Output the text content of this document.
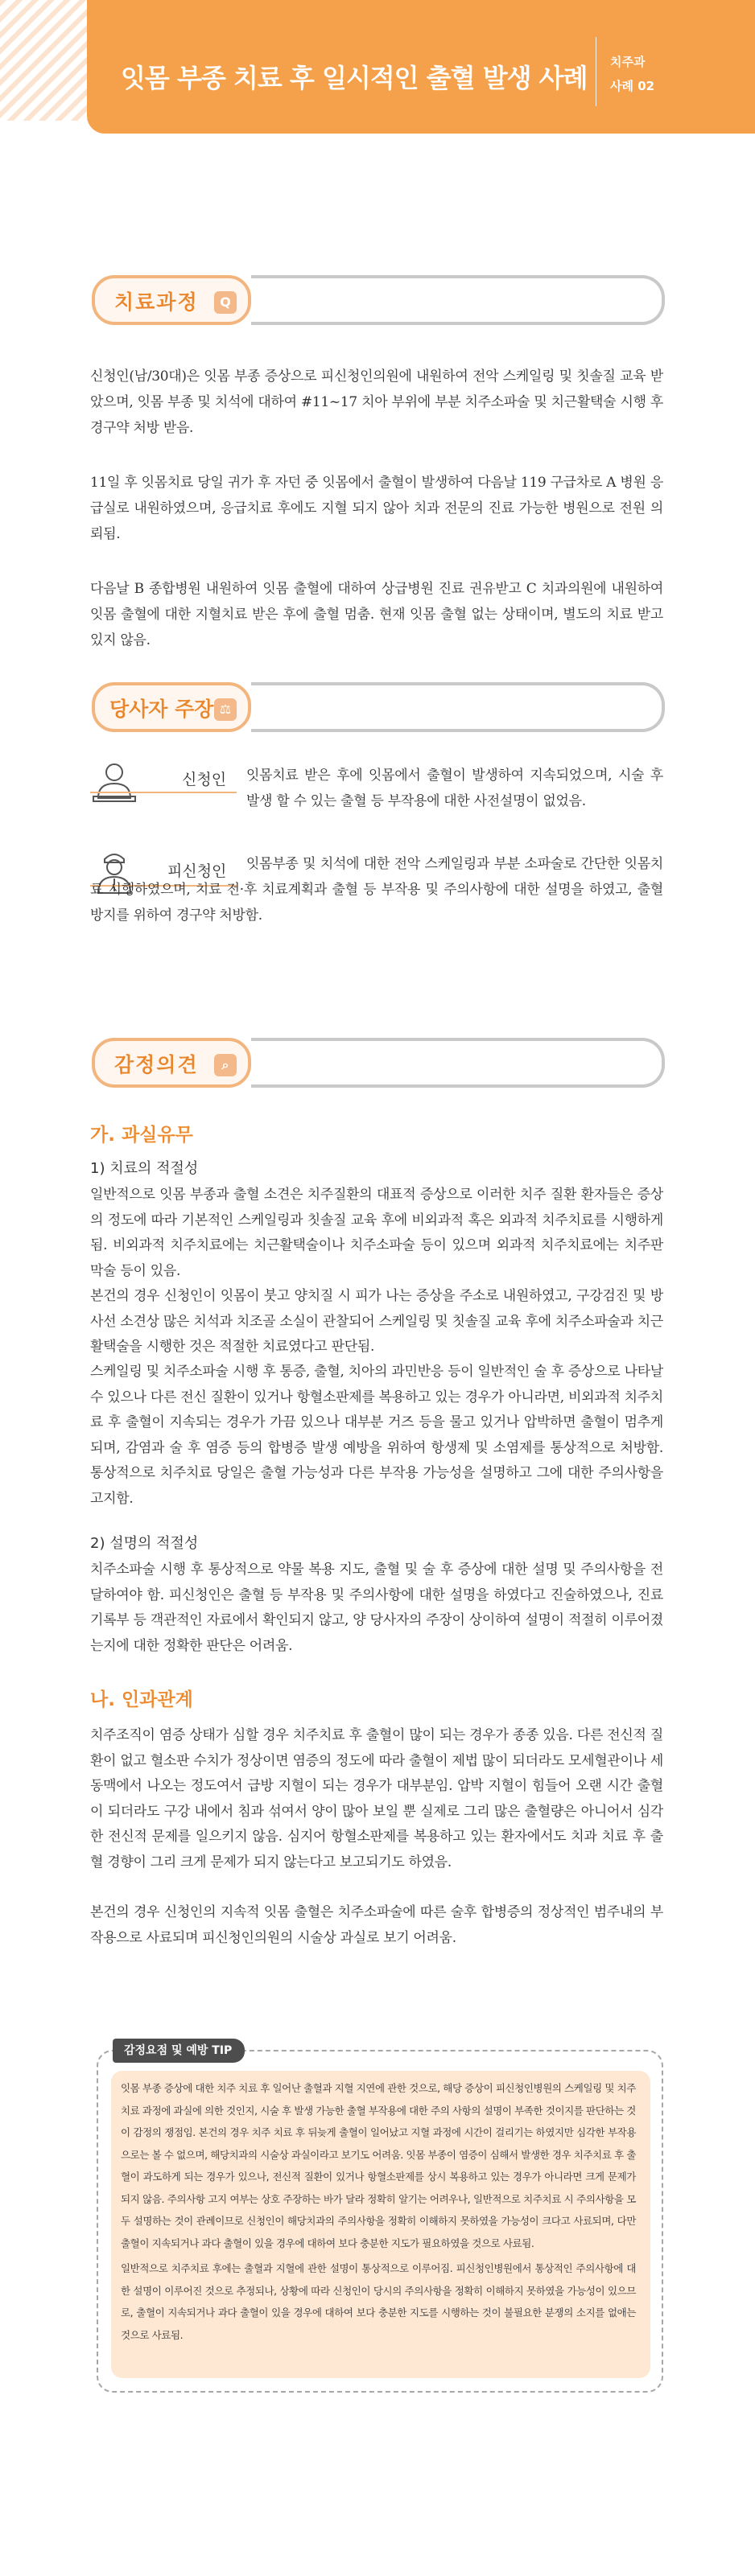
잇몸 부종 치료 후 일시적인 출혈 발생 사례
치주과
사례 02
치료과정	Q
신청인(남/30대)은 잇몸 부종 증상으로 피신청인의원에 내원하여 전악 스케일링 및 칫솔질 교육 받았으며, 잇몸 부종 및 치석에 대하여 #11~17 치아 부위에 부분 치주소파술 및 치근활택술 시행 후 경구약 처방 받음.
11일 후 잇몸치료 당일 귀가 후 자던 중 잇몸에서 출혈이 발생하여 다음날 119 구급차로 A 병원 응급실로 내원하였으며, 응급치료 후에도 지혈 되지 않아 치과 전문의 진료 가능한 병원으로 전원 의뢰됨.
다음날 B 종합병원 내원하여 잇몸 출혈에 대하여 상급병원 진료 권유받고 C 치과의원에 내원하여 잇몸 출혈에 대한 지혈치료 받은 후에 출혈 멈춤. 현재 잇몸 출혈 없는 상태이며, 별도의 치료 받고 있지 않음.
당사자 주장 ⚖
신청인 잇몸치료 받은 후에 잇몸에서 출혈이 발생하여 지속되었으며, 시술 후 발생 할 수 있는 출혈 등 부작용에 대한 사전설명이 없었음.
피신청인	잇몸부종 및 치석에 대한 전악 스케일링과 부분 소파술로 간단한 잇몸치료 시행하였으며, 치료 전·후 치료계획과 출혈 등 부작용 및 주의사항에 대한 설명을 하였고, 출혈 방지를 위하여 경구약 처방함.
감정의견	⌕
가. 과실유무
1) 치료의 적절성
일반적으로 잇몸 부종과 출혈 소견은 치주질환의 대표적 증상으로 이러한 치주 질환 환자들은 증상의 정도에 따라 기본적인 스케일링과 칫솔질 교육 후에 비외과적 혹은 외과적 치주치료를 시행하게 됨. 비외과적 치주치료에는 치근활택술이나 치주소파술 등이 있으며 외과적 치주치료에는 치주판막술 등이 있음.
본건의 경우 신청인이 잇몸이 붓고 양치질 시 피가 나는 증상을 주소로 내원하였고, 구강검진 및 방사선 소견상 많은 치석과 치조골 소실이 관찰되어 스케일링 및 칫솔질 교육 후에 치주소파술과 치근활택술을 시행한 것은 적절한 치료였다고 판단됨.
스케일링 및 치주소파술 시행 후 통증, 출혈, 치아의 과민반응 등이 일반적인 술 후 증상으로 나타날 수 있으나 다른 전신 질환이 있거나 항혈소판제를 복용하고 있는 경우가 아니라면, 비외과적 치주치료 후 출혈이 지속되는 경우가 가끔 있으나 대부분 거즈 등을 물고 있거나 압박하면 출혈이 멈추게 되며, 감염과 술 후 염증 등의 합병증 발생 예방을 위하여 항생제 및 소염제를 통상적으로 처방함. 통상적으로 치주치료 당일은 출혈 가능성과 다른 부작용 가능성을 설명하고 그에 대한 주의사항을 고지함.
2) 설명의 적절성
치주소파술 시행 후 통상적으로 약물 복용 지도, 출혈 및 술 후 증상에 대한 설명 및 주의사항을 전달하여야 함. 피신청인은 출혈 등 부작용 및 주의사항에 대한 설명을 하였다고 진술하였으나, 진료기록부 등 객관적인 자료에서 확인되지 않고, 양 당사자의 주장이 상이하여 설명이 적절히 이루어졌는지에 대한 정확한 판단은 어려움.
나. 인과관계
치주조직이 염증 상태가 심할 경우 치주치료 후 출혈이 많이 되는 경우가 종종 있음. 다른 전신적 질환이 없고 혈소판 수치가 정상이면 염증의 정도에 따라 출혈이 제법 많이 되더라도 모세혈관이나 세동맥에서 나오는 정도여서 급방 지혈이 되는 경우가 대부분임. 압박 지혈이 힘들어 오랜 시간 출혈이 되더라도 구강 내에서 침과 섞여서 양이 많아 보일 뿐 실제로 그리 많은 출혈량은 아니어서 심각한 전신적 문제를 일으키지 않음. 심지어 항혈소판제를 복용하고 있는 환자에서도 치과 치료 후 출혈 경향이 그리 크게 문제가 되지 않는다고 보고되기도 하였음.
본건의 경우 신청인의 지속적 잇몸 출혈은 치주소파술에 따른 술후 합병증의 정상적인 범주내의 부작용으로 사료되며 피신청인의원의 시술상 과실로 보기 어려움.
감정요점 및 예방 TIP
잇몸 부종 증상에 대한 치주 치료 후 일어난 출혈과 지혈 지연에 관한 것으로, 해당 증상이 피신청인병원의 스케일링 및 치주치료 과정에 과실에 의한 것인지, 시술 후 발생 가능한 출혈 부작용에 대한 주의 사항의 설명이 부족한 것이지를 판단하는 것이 감정의 쟁점임. 본건의 경우 치주 치료 후 뒤늦게 출혈이 일어났고 지혈 과정에 시간이 걸리기는 하였지만 심각한 부작용으로는 볼 수 없으며, 해당치과의 시술상 과실이라고 보기도 어려움. 잇몸 부종이 염증이 심해서 발생한 경우 치주치료 후 출혈이 과도하게 되는 경우가 있으나, 전신적 질환이 있거나 항혈소판제를 상시 복용하고 있는 경우가 아니라면 크게 문제가 되지 않음. 주의사항 고지 여부는 상호 주장하는 바가 달라 정확히 알기는 어려우나, 일반적으로 치주치료 시 주의사항을 모두 설명하는 것이 관례이므로 신청인이 해당치과의 주의사항을 정확히 이해하지 못하였을 가능성이 크다고 사료되며, 다만 출혈이 지속되거나 과다 출혈이 있을 경우에 대하여 보다 충분한 지도가 필요하였을 것으로 사료됨.
일반적으로 치주치료 후에는 출혈과 지혈에 관한 설명이 통상적으로 이루어짐. 피신청인병원에서 통상적인 주의사항에 대한 설명이 이루어진 것으로 추정되나, 상황에 따라 신청인이 당시의 주의사항을 정확히 이해하지 못하였을 가능성이 있으므로, 출혈이 지속되거나 과다 출혈이 있을 경우에 대하여 보다 충분한 지도를 시행하는 것이 불필요한 분쟁의 소지를 없애는 것으로 사료됨.
